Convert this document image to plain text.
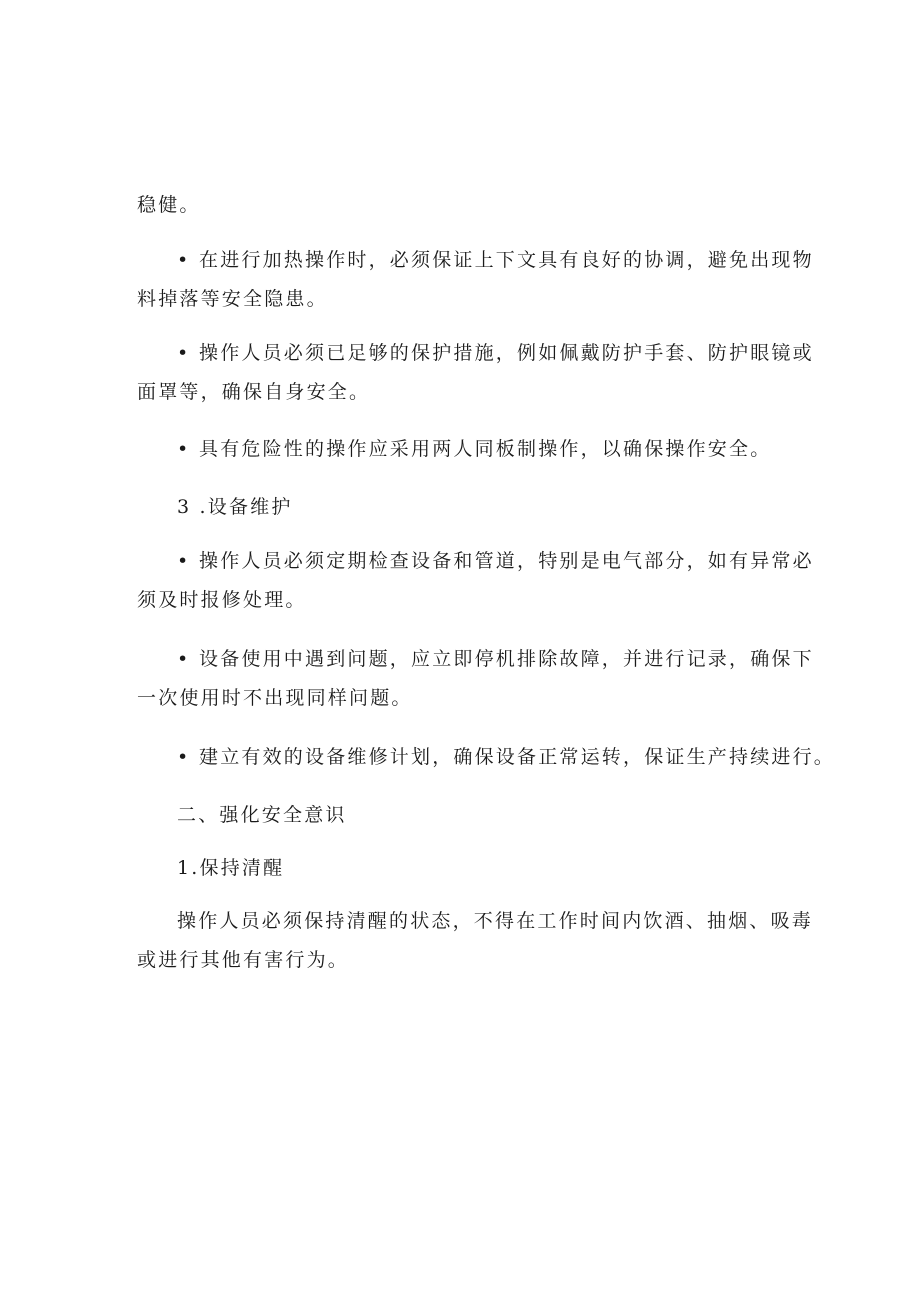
稳健。

• 在进行加热操作时，必须保证上下文具有良好的协调，避免出现物
料掉落等安全隐患。

• 操作人员必须已足够的保护措施，例如佩戴防护手套、防护眼镜或
面罩等，确保自身安全。

• 具有危险性的操作应采用两人同板制操作，以确保操作安全。

3 .设备维护

• 操作人员必须定期检查设备和管道，特别是电气部分，如有异常必
须及时报修处理。

• 设备使用中遇到问题，应立即停机排除故障，并进行记录，确保下
一次使用时不出现同样问题。

• 建立有效的设备维修计划，确保设备正常运转，保证生产持续进行。

二、强化安全意识

1.保持清醒

操作人员必须保持清醒的状态，不得在工作时间内饮酒、抽烟、吸毒
或进行其他有害行为。
